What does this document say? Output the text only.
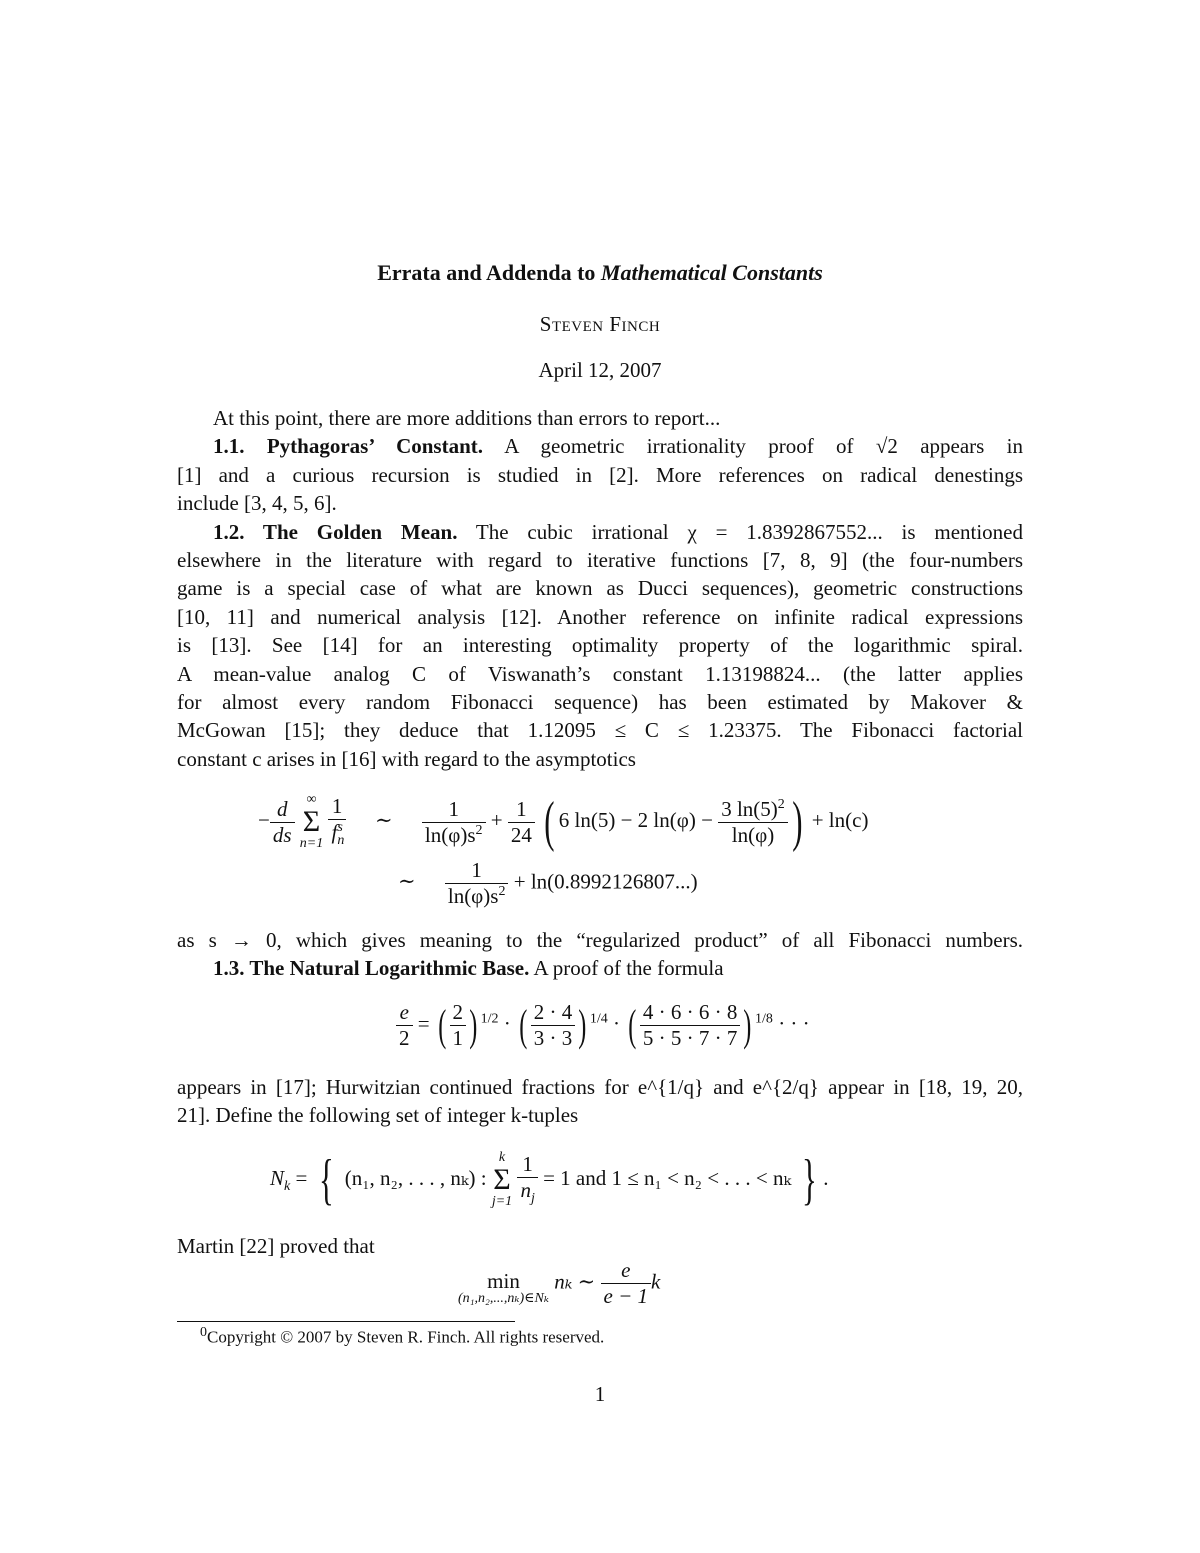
Errata and Addenda to Mathematical Constants
Steven Finch
April 12, 2007
At this point, there are more additions than errors to report...
1.1. Pythagoras’ Constant. A geometric irrationality proof of √2 appears in
[1] and a curious recursion is studied in [2]. More references on radical denestings
include [3, 4, 5, 6].
1.2. The Golden Mean. The cubic irrational χ = 1.8392867552... is mentioned
elsewhere in the literature with regard to iterative functions [7, 8, 9] (the four-numbers
game is a special case of what are known as Ducci sequences), geometric constructions
[10, 11] and numerical analysis [12]. Another reference on infinite radical expressions
is [13]. See [14] for an interesting optimality property of the logarithmic spiral.
A mean-value analog C of Viswanath’s constant 1.13198824... (the latter applies
for almost every random Fibonacci sequence) has been estimated by Makover &
McGowan [15]; they deduce that 1.12095 ≤ C ≤ 1.23375. The Fibonacci factorial
constant c arises in [16] with regard to the asymptotics
− $\frac{d}{ds}$
∞
Σ
n=1
$\frac{1}{f_n^s}$ ∼ $\frac{1}{\ln(\varphi)s^2} + \frac{1}{24}$ ( 6 ln(5) − 2 $\ln(\varphi) - \frac{3 \ln(5)^2}{\ln(\varphi)}$ ) + ln(c)
∼ $\frac{1}{\ln(\varphi)s^2} + \ln(0.8992126807...)$
as s → 0, which gives meaning to the “regularized product” of all Fibonacci numbers.
1.3. The Natural Logarithmic Base. A proof of the formula
$\frac{e}{2}$ = ( $\frac{2}{1}$ ) $^{1/2}$ · ( $\frac{2 \cdot 4}{3 \cdot 3}$ ) $^{1/4}$ · ( $\frac{4 \cdot 6 \cdot 6 \cdot 8}{5 \cdot 5 \cdot 7 \cdot 7}$ ) $^{1/8}$ · · ·
appears in [17]; Hurwitzian continued fractions for e^{1/q} and e^{2/q} appear in [18, 19, 20,
21]. Define the following set of integer k-tuples
$N_k$ = { (n₁, n₂, . . . , nₖ) :
k
Σ
j=1
$\frac{1}{n_j} = 1$ and 1 ≤ n₁ < n₂ < . . . < nₖ } .
Martin [22] proved that
min
(n₁,n₂,...,nₖ)∈Nₖ
nₖ ∼ $\frac{e}{e - 1}$ k
$^0$Copyright © 2007 by Steven R. Finch. All rights reserved.
1
